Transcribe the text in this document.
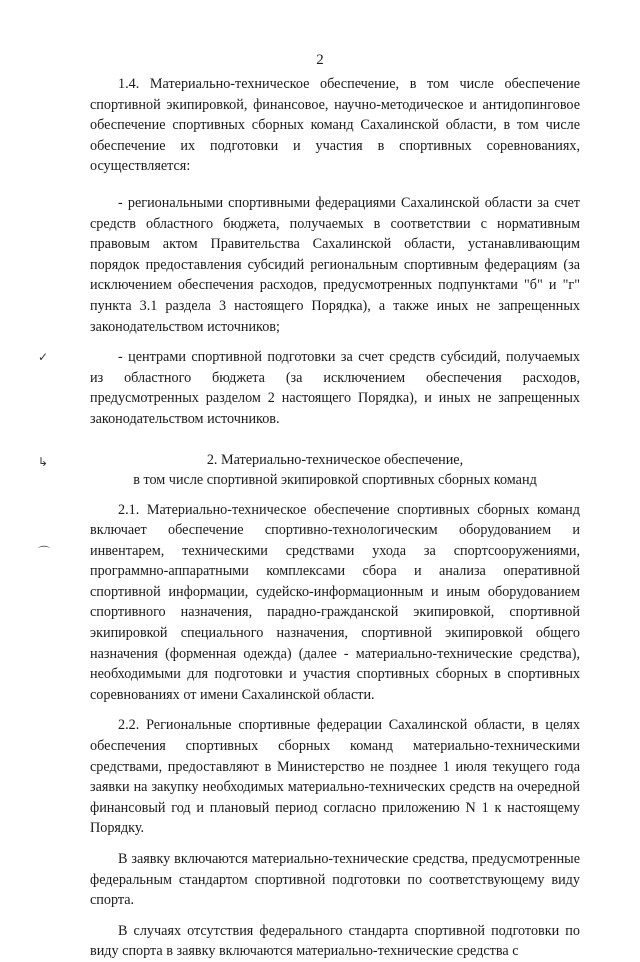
2
✓
↳
⌒

1.4. Материально-техническое обеспечение, в том числе обеспечение спортивной экипировкой, финансовое, научно-методическое и антидопинговое обеспечение спортивных сборных команд Сахалинской области, в том числе обеспечение их подготовки и участия в спортивных соревнованиях, осуществляется:

- региональными спортивными федерациями Сахалинской области за счет средств областного бюджета, получаемых в соответствии с нормативным правовым актом Правительства Сахалинской области, устанавливающим порядок предоставления субсидий региональным спортивным федерациям (за исключением обеспечения расходов, предусмотренных подпунктами "б" и "г" пункта 3.1 раздела 3 настоящего Порядка), а также иных не запрещенных законодательством источников;

- центрами спортивной подготовки за счет средств субсидий, получаемых из областного бюджета (за исключением обеспечения расходов, предусмотренных разделом 2 настоящего Порядка), и иных не запрещенных законодательством источников.

2. Материально-техническое обеспечение,
в том числе спортивной экипировкой спортивных сборных команд

2.1. Материально-техническое обеспечение спортивных сборных команд включает обеспечение спортивно-технологическим оборудованием и инвентарем, техническими средствами ухода за спортсооружениями, программно-аппаратными комплексами сбора и анализа оперативной спортивной информации, судейско-информационным и иным оборудованием спортивного назначения, парадно-гражданской экипировкой, спортивной экипировкой специального назначения, спортивной экипировкой общего назначения (форменная одежда) (далее - материально-технические средства), необходимыми для подготовки и участия спортивных сборных в спортивных соревнованиях от имени Сахалинской области.

2.2. Региональные спортивные федерации Сахалинской области, в целях обеспечения спортивных сборных команд материально-техническими средствами, предоставляют в Министерство не позднее 1 июля текущего года заявки на закупку необходимых материально-технических средств на очередной финансовый год и плановый период согласно приложению N 1 к настоящему Порядку.

В заявку включаются материально-технические средства, предусмотренные федеральным стандартом спортивной подготовки по соответствующему виду спорта.

В случаях отсутствия федерального стандарта спортивной подготовки по виду спорта в заявку включаются материально-технические средства с
